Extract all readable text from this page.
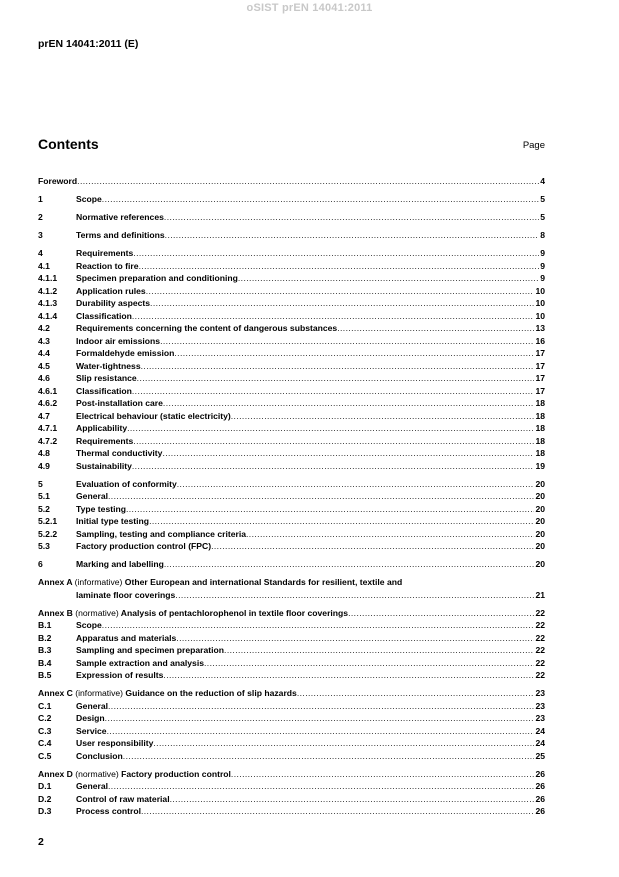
oSIST prEN 14041:2011
prEN 14041:2011 (E)
Contents	Page
Foreword .....	4
1	Scope .....	5
2	Normative references .....	5
3	Terms and definitions .....	8
4	Requirements .....	9
4.1	Reaction to fire .....	9
4.1.1	Specimen preparation and conditioning .....	9
4.1.2	Application rules .....	10
4.1.3	Durability aspects .....	10
4.1.4	Classification .....	10
4.2	Requirements concerning the content of dangerous substances .....	13
4.3	Indoor air emissions .....	16
4.4	Formaldehyde emission .....	17
4.5	Water-tightness .....	17
4.6	Slip resistance .....	17
4.6.1	Classification .....	17
4.6.2	Post-installation care .....	18
4.7	Electrical behaviour (static electricity) .....	18
4.7.1	Applicability .....	18
4.7.2	Requirements .....	18
4.8	Thermal conductivity .....	18
4.9	Sustainability .....	19
5	Evaluation of conformity .....	20
5.1	General .....	20
5.2	Type testing .....	20
5.2.1	Initial type testing .....	20
5.2.2	Sampling, testing and compliance criteria .....	20
5.3	Factory production control (FPC) .....	20
6	Marking and labelling .....	20
Annex A (informative) Other European and international Standards for resilient, textile and
laminate floor coverings .....	21
Annex B (normative) Analysis of pentachlorophenol in textile floor coverings .....	22
B.1	Scope .....	22
B.2	Apparatus and materials .....	22
B.3	Sampling and specimen preparation .....	22
B.4	Sample extraction and analysis .....	22
B.5	Expression of results .....	22
Annex C (informative) Guidance on the reduction of slip hazards .....	23
C.1	General .....	23
C.2	Design .....	23
C.3	Service .....	24
C.4	User responsibility .....	24
C.5	Conclusion .....	25
Annex D (normative) Factory production control .....	26
D.1	General .....	26
D.2	Control of raw material .....	26
D.3	Process control .....	26
2
